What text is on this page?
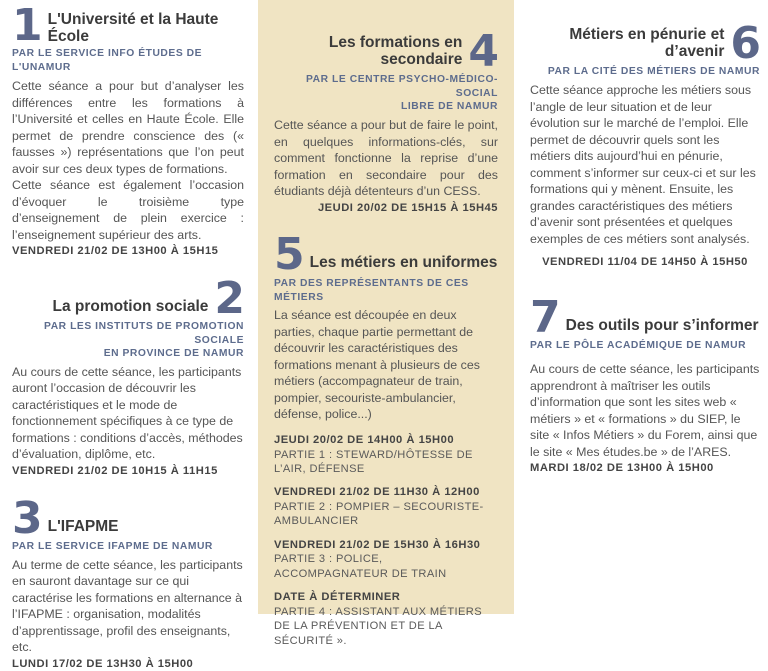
1 L'Université et la Haute École
PAR LE SERVICE INFO ÉTUDES DE L'UNAMUR

Cette séance a pour but d’analyser les différences entre les formations à l’Université et celles en Haute École. Elle permet de prendre conscience des (« fausses ») représentations que l’on peut avoir sur ces deux types de formations.

Cette séance est également l’occasion d’évoquer le troisième type d’enseignement de plein exercice : l’enseignement supérieur des arts.

VENDREDI 21/02 DE 13H00 À 15H15
La promotion sociale 2
PAR LES INSTITUTS DE PROMOTION SOCIALE
EN PROVINCE DE NAMUR

Au cours de cette séance, les participants auront l’occasion de découvrir les caractéristiques et le mode de fonctionnement spécifiques à ce type de formations : conditions d’accès, méthodes d’évaluation, diplôme, etc.

VENDREDI 21/02 DE 10H15 À 11H15
3 L'IFAPME
PAR LE SERVICE IFAPME DE NAMUR

Au terme de cette séance, les participants en sauront davantage sur ce qui caractérise les formations en alternance à l’IFAPME : organisation, modalités d’apprentissage, profil des enseignants, etc.

LUNDI 17/02 DE 13H30 À 15H00
Les formations en secondaire 4
PAR LE CENTRE PSYCHO-MÉDICO-SOCIAL
LIBRE DE NAMUR

Cette séance a pour but de faire le point, en quelques informations-clés, sur comment fonctionne la reprise d’une formation en secondaire pour des étudiants déjà détenteurs d’un CESS.

JEUDI 20/02 DE 15H15 À 15H45
5 Les métiers en uniformes
PAR DES REPRÉSENTANTS DE CES MÉTIERS

La séance est découpée en deux parties, chaque partie permettant de découvrir les caractéristiques des formations menant à plusieurs de ces métiers (accompagnateur de train, pompier, secouriste-ambulancier, défense, police...)

JEUDI 20/02 DE 14H00 À 15H00
PARTIE 1 : STEWARD/HÔTESSE DE L’AIR, DÉFENSE
VENDREDI 21/02 DE 11H30 À 12H00
PARTIE 2 : POMPIER – SECOURISTE-AMBULANCIER
VENDREDI 21/02 DE 15H30 À 16H30
PARTIE 3 : POLICE, ACCOMPAGNATEUR DE TRAIN
DATE À DÉTERMINER
PARTIE 4 : ASSISTANT AUX MÉTIERS DE LA PRÉVENTION ET DE LA SÉCURITÉ ».
Métiers en pénurie et d’avenir 6
PAR LA CITÉ DES MÉTIERS DE NAMUR

Cette séance approche les métiers sous l’angle de leur situation et de leur évolution sur le marché de l’emploi. Elle permet de découvrir quels sont les métiers dits aujourd’hui en pénurie, comment s’informer sur ceux-ci et sur les formations qui y mènent. Ensuite, les grandes caractéristiques des métiers d’avenir sont présentées et quelques exemples de ces métiers sont analysés.

VENDREDI 11/04 DE 14H50 À 15H50
7 Des outils pour s’informer
PAR LE PÔLE ACADÉMIQUE DE NAMUR

Au cours de cette séance, les participants apprendront à maîtriser les outils d’information que sont les sites web « métiers » et « formations » du SIEP, le site « Infos Métiers » du Forem, ainsi que le site « Mes études.be » de l’ARES.

MARDI 18/02 DE 13H00 À 15H00
